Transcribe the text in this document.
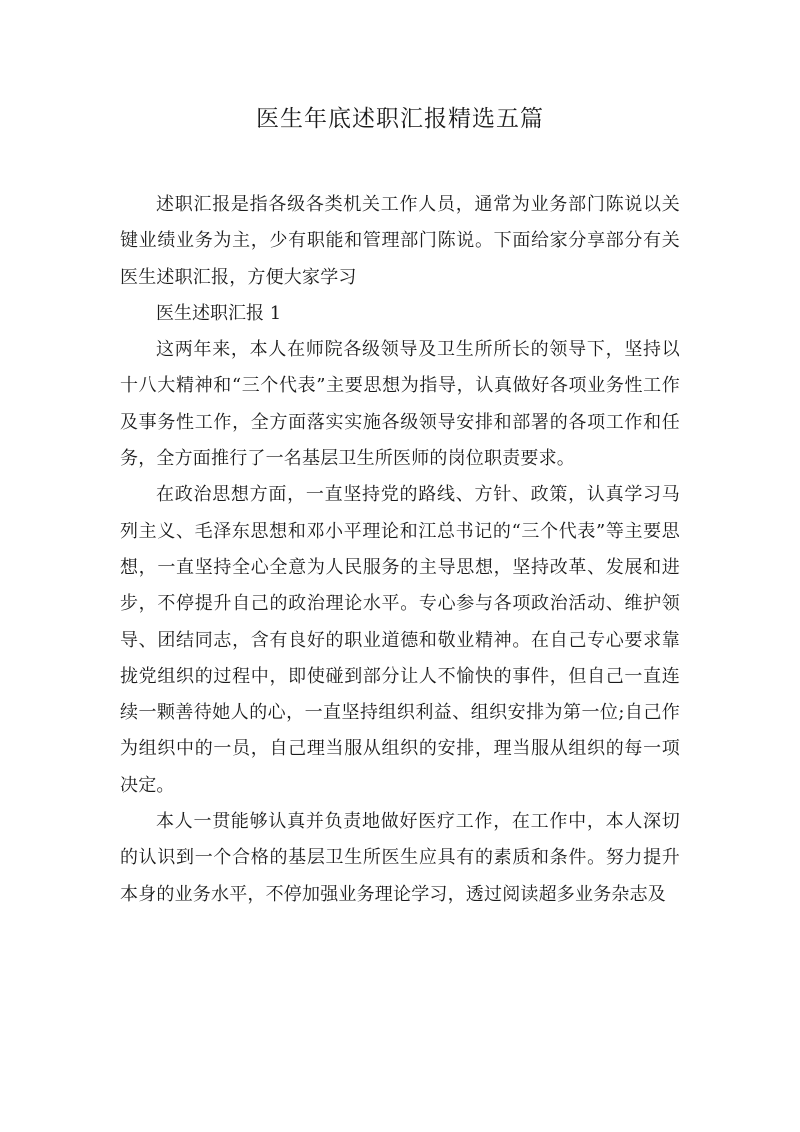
医生年底述职汇报精选五篇

述职汇报是指各级各类机关工作人员，通常为业务部门陈说以关键业绩业务为主，少有职能和管理部门陈说。下面给家分享部分有关医生述职汇报，方便大家学习

医生述职汇报 1

这两年来，本人在师院各级领导及卫生所所长的领导下，坚持以十八大精神和“三个代表”主要思想为指导，认真做好各项业务性工作及事务性工作，全方面落实实施各级领导安排和部署的各项工作和任务，全方面推行了一名基层卫生所医师的岗位职责要求。

在政治思想方面，一直坚持党的路线、方针、政策，认真学习马列主义、毛泽东思想和邓小平理论和江总书记的“三个代表”等主要思想，一直坚持全心全意为人民服务的主导思想，坚持改革、发展和进步，不停提升自己的政治理论水平。专心参与各项政治活动、维护领导、团结同志，含有良好的职业道德和敬业精神。在自己专心要求靠拢党组织的过程中，即使碰到部分让人不愉快的事件，但自己一直连续一颗善待她人的心，一直坚持组织利益、组织安排为第一位;自己作为组织中的一员，自己理当服从组织的安排，理当服从组织的每一项决定。

本人一贯能够认真并负责地做好医疗工作，在工作中，本人深切的认识到一个合格的基层卫生所医生应具有的素质和条件。努力提升本身的业务水平，不停加强业务理论学习，透过阅读超多业务杂志及
